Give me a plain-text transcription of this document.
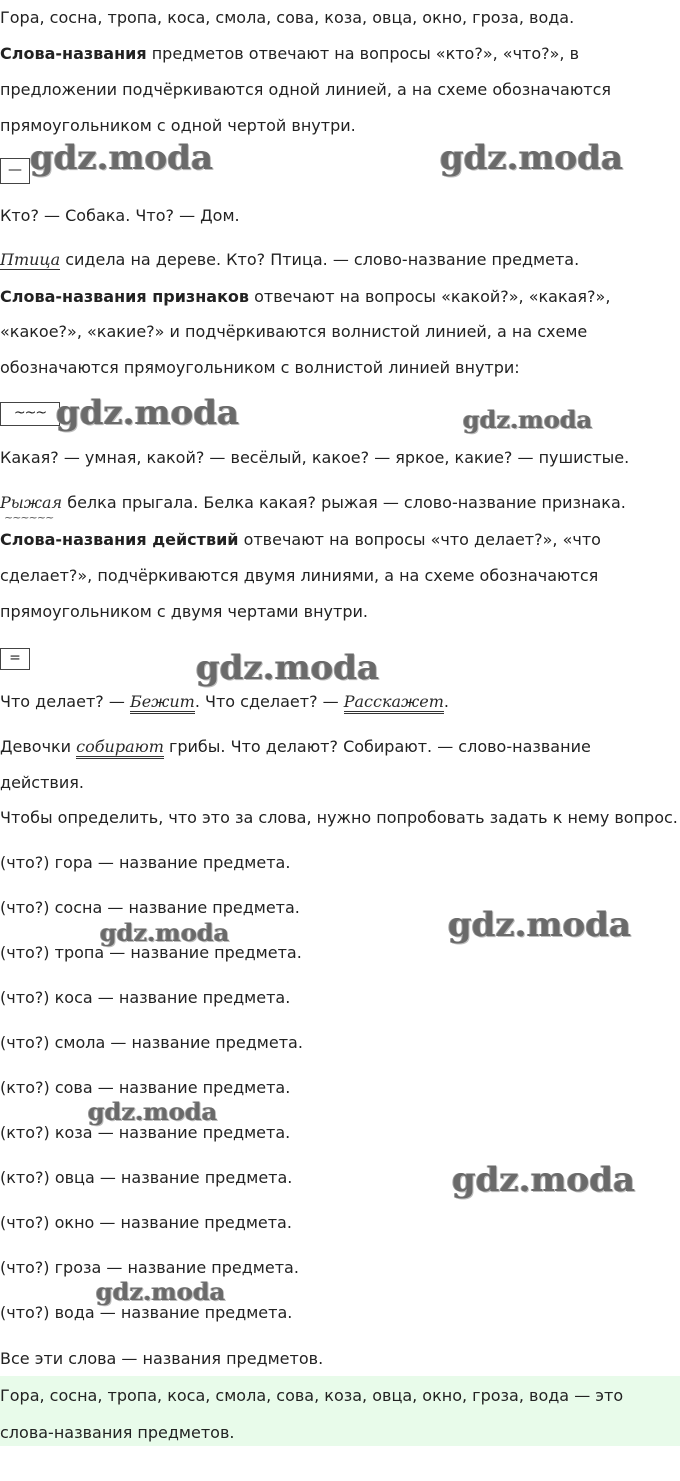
Гора, сосна, тропа, коса, смола, сова, коза, овца, окно, гроза, вода.
Слова-названия предметов отвечают на вопросы «кто?», «что?», в
предложении подчёркиваются одной линией, а на схеме обозначаются
прямоугольником с одной чертой внутри.
—
Кто? — Собака. Что? — Дом.
Птица сидела на дереве. Кто? Птица. — слово-название предмета.
Слова-названия признаков отвечают на вопросы «какой?», «какая?»,
«какое?», «какие?» и подчёркиваются волнистой линией, а на схеме
обозначаются прямоугольником с волнистой линией внутри:
~~~
Какая? — умная, какой? — весёлый, какое? — яркое, какие? — пушистые.
Рыжая
~~~~~~
белка прыгала. Белка какая? рыжая — слово-название признака.
Слова-названия действий отвечают на вопросы «что делает?», «что
сделает?», подчёркиваются двумя линиями, а на схеме обозначаются
прямоугольником с двумя чертами внутри.
=
Что делает? — Бежит. Что сделает? — Расскажет.
Девочки собирают грибы. Что делают? Собирают. — слово-название
действия.
Чтобы определить, что это за слова, нужно попробовать задать к нему вопрос.
(что?) гора — название предмета.
(что?) сосна — название предмета.
(что?) тропа — название предмета.
(что?) коса — название предмета.
(что?) смола — название предмета.
(кто?) сова — название предмета.
(кто?) коза — название предмета.
(кто?) овца — название предмета.
(что?) окно — название предмета.
(что?) гроза — название предмета.
(что?) вода — название предмета.
Все эти слова — названия предметов.
Гора, сосна, тропа, коса, смола, сова, коза, овца, окно, гроза, вода — это
слова-названия предметов.
gdz.moda	gdz.moda
gdz.moda	gdz.moda
gdz.moda
gdz.moda
gdz.moda
gdz.moda
gdz.moda
gdz.moda
